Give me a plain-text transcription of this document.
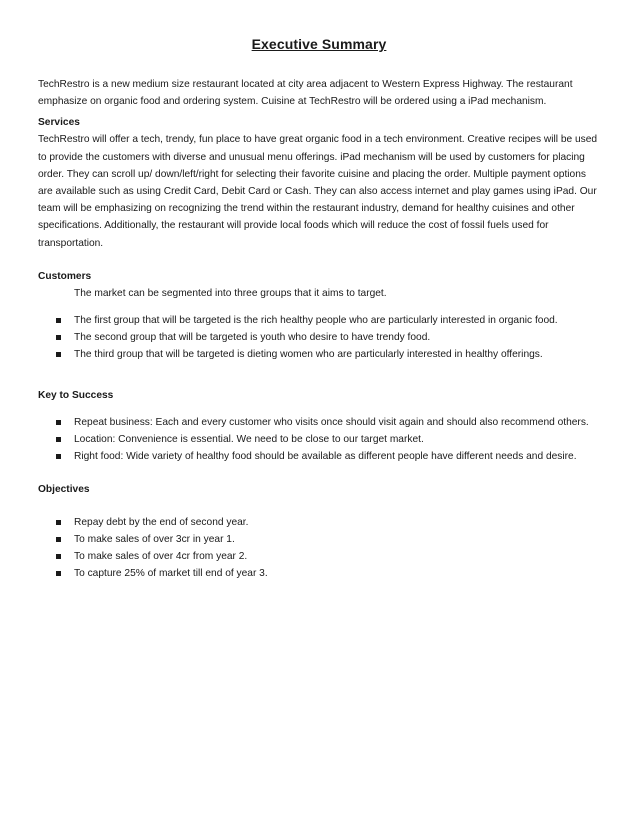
Executive Summary

TechRestro is a new medium size restaurant located at city area adjacent to Western Express Highway. The restaurant emphasize on organic food and ordering system. Cuisine at TechRestro will be ordered using a iPad mechanism.

Services

TechRestro will offer a tech, trendy, fun place to have great organic food in a tech environment. Creative recipes will be used to provide the customers with diverse and unusual menu offerings. iPad mechanism will be used by customers for placing order. They can scroll up/ down/left/right for selecting their favorite cuisine and placing the order. Multiple payment options are available such as using Credit Card, Debit Card or Cash. They can also access internet and play games using iPad. Our team will be emphasizing on recognizing the trend within the restaurant industry, demand for healthy cuisines and other specifications. Additionally, the restaurant will provide local foods which will reduce the cost of fossil fuels used for transportation.

Customers
The market can be segmented into three groups that it aims to target.
The first group that will be targeted is the rich healthy people who are particularly interested in organic food.
The second group that will be targeted is youth who desire to have trendy food.
The third group that will be targeted is dieting women who are particularly interested in healthy offerings.
Key to Success
Repeat business: Each and every customer who visits once should visit again and should also recommend others.
Location: Convenience is essential. We need to be close to our target market.
Right food: Wide variety of healthy food should be available as different people have different needs and desire.
Objectives
Repay debt by the end of second year.
To make sales of over 3cr in year 1.
To make sales of over 4cr from year 2.
To capture 25% of market till end of year 3.
